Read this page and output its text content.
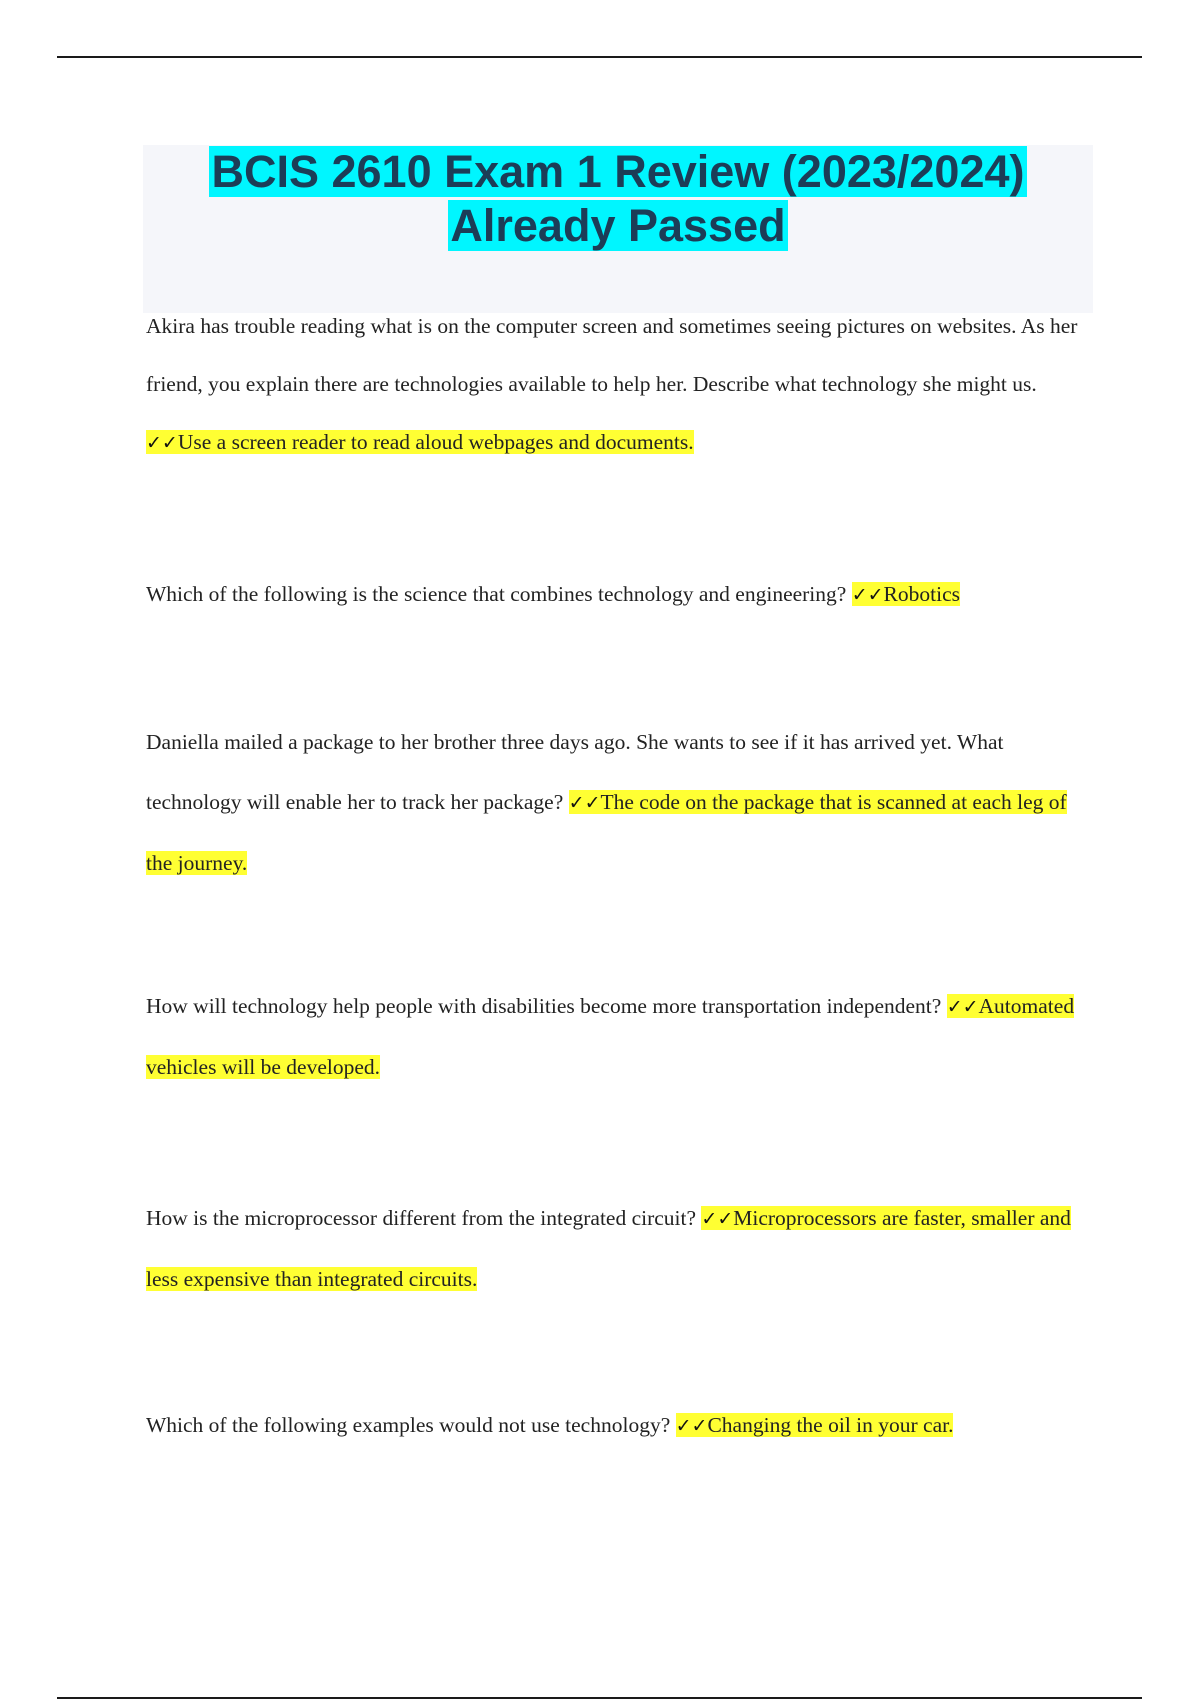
BCIS 2610 Exam 1 Review (2023/2024)
Already Passed

Akira has trouble reading what is on the computer screen and sometimes seeing pictures on websites. As her friend, you explain there are technologies available to help her. Describe what technology she might us. ✓✓Use a screen reader to read aloud webpages and documents.

Which of the following is the science that combines technology and engineering? ✓✓Robotics

Daniella mailed a package to her brother three days ago. She wants to see if it has arrived yet. What technology will enable her to track her package? ✓✓The code on the package that is scanned at each leg of the journey.

How will technology help people with disabilities become more transportation independent? ✓✓Automated vehicles will be developed.

How is the microprocessor different from the integrated circuit? ✓✓Microprocessors are faster, smaller and less expensive than integrated circuits.

Which of the following examples would not use technology? ✓✓Changing the oil in your car.
